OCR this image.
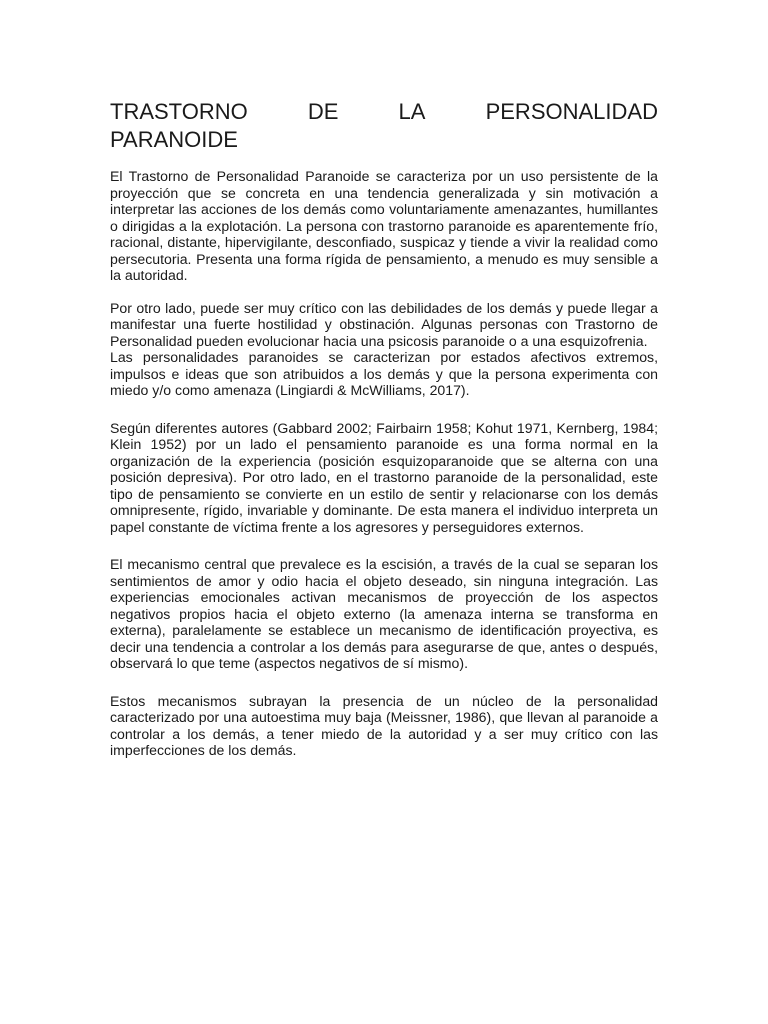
TRASTORNO	DE	LA	PERSONALIDAD
PARANOIDE

El Trastorno de Personalidad Paranoide se caracteriza por un uso persistente de la proyección que se concreta en una tendencia generalizada y sin motivación a interpretar las acciones de los demás como voluntariamente amenazantes, humillantes o dirigidas a la explotación. La persona con trastorno paranoide es aparentemente frío, racional, distante, hipervigilante, desconfiado, suspicaz y tiende a vivir la realidad como persecutoria. Presenta una forma rígida de pensamiento, a menudo es muy sensible a la autoridad.

Por otro lado, puede ser muy crítico con las debilidades de los demás y puede llegar a manifestar una fuerte hostilidad y obstinación. Algunas personas con Trastorno de Personalidad pueden evolucionar hacia una psicosis paranoide o a una esquizofrenia.

Las personalidades paranoides se caracterizan por estados afectivos extremos, impulsos e ideas que son atribuidos a los demás y que la persona experimenta con miedo y/o como amenaza (Lingiardi & McWilliams, 2017).

Según diferentes autores (Gabbard 2002; Fairbairn 1958; Kohut 1971, Kernberg, 1984; Klein 1952) por un lado el pensamiento paranoide es una forma normal en la organización de la experiencia (posición esquizoparanoide que se alterna con una posición depresiva). Por otro lado, en el trastorno paranoide de la personalidad, este tipo de pensamiento se convierte en un estilo de sentir y relacionarse con los demás omnipresente, rígido, invariable y dominante. De esta manera el individuo interpreta un papel constante de víctima frente a los agresores y perseguidores externos.

El mecanismo central que prevalece es la escisión, a través de la cual se separan los sentimientos de amor y odio hacia el objeto deseado, sin ninguna integración. Las experiencias emocionales activan mecanismos de proyección de los aspectos negativos propios hacia el objeto externo (la amenaza interna se transforma en externa), paralelamente se establece un mecanismo de identificación proyectiva, es decir una tendencia a controlar a los demás para asegurarse de que, antes o después, observará lo que teme (aspectos negativos de sí mismo).

Estos mecanismos subrayan la presencia de un núcleo de la personalidad caracterizado por una autoestima muy baja (Meissner, 1986), que llevan al paranoide a controlar a los demás, a tener miedo de la autoridad y a ser muy crítico con las imperfecciones de los demás.
